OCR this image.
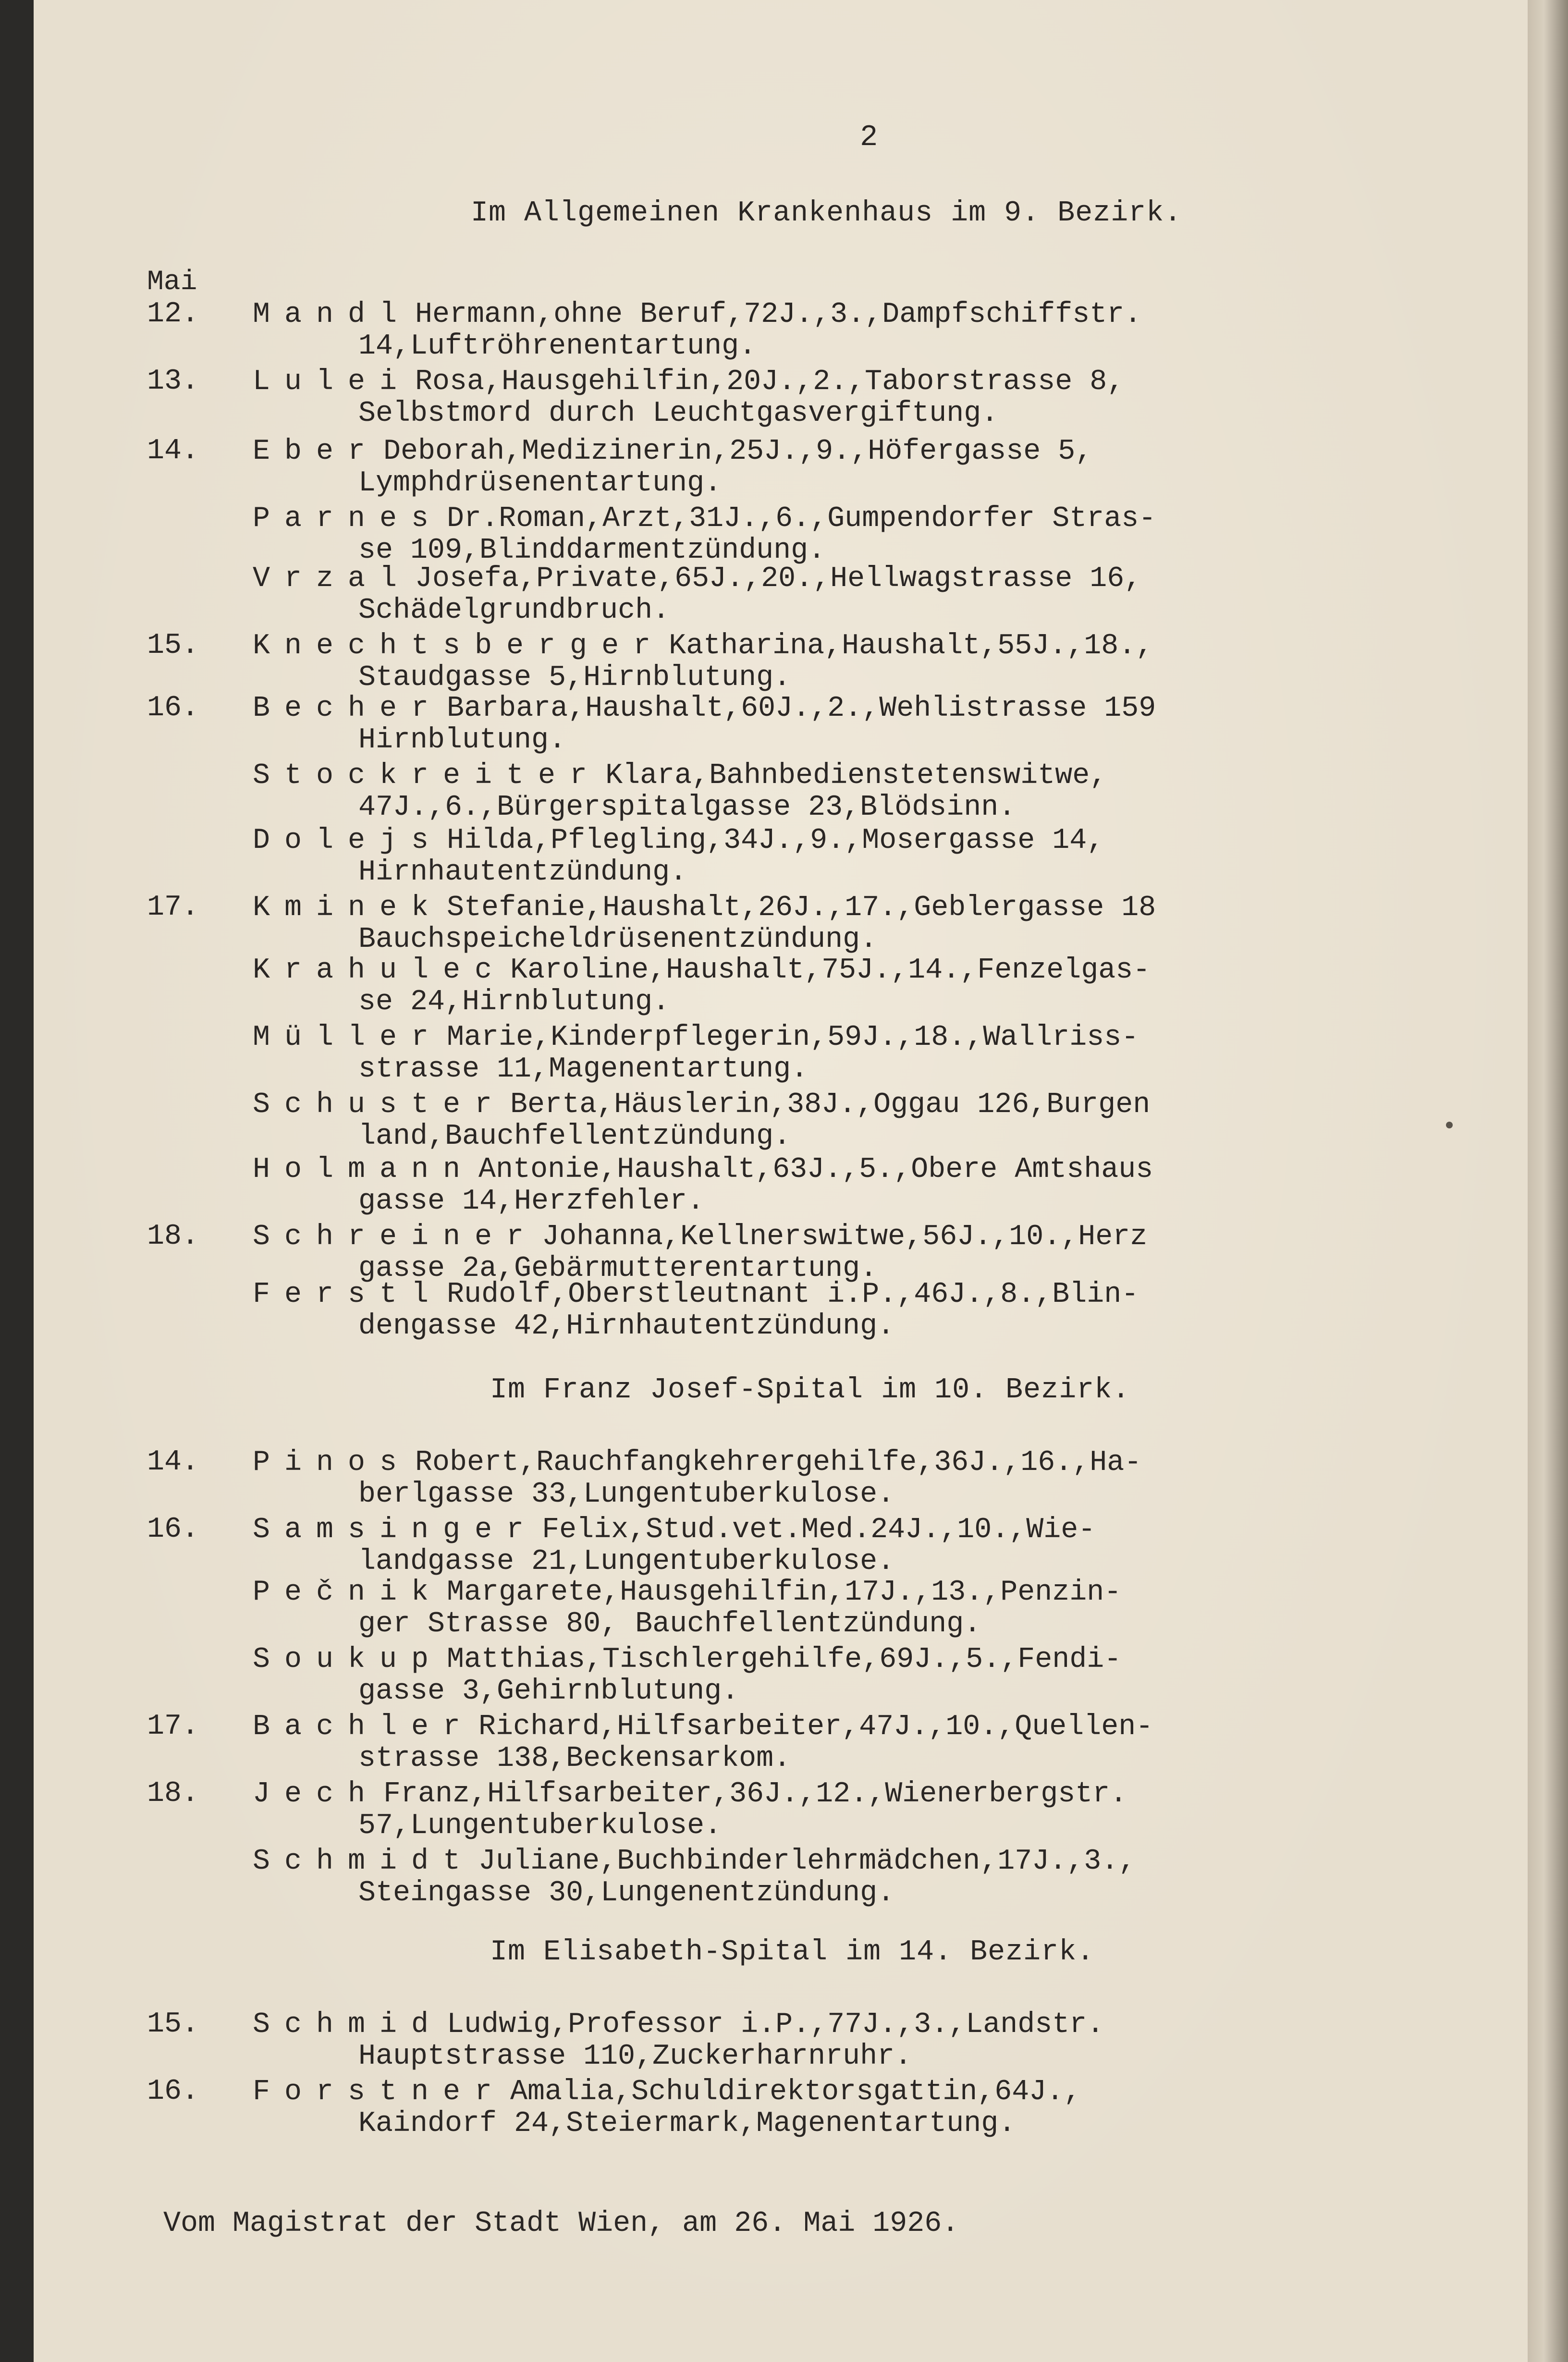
2
Mai
Im Allgemeinen Krankenhaus im 9. Bezirk.
12.	Mandl Hermann,ohne Beruf,72J.,3.,Dampfschiffstr.
14,Luftröhrenentartung.
13.	Lulei Rosa,Hausgehilfin,20J.,2.,Taborstrasse 8,
Selbstmord durch Leuchtgasvergiftung.
14.	Eber Deborah,Medizinerin,25J.,9.,Höfergasse 5,
Lymphdrüsenentartung.
Parnes Dr.Roman,Arzt,31J.,6.,Gumpendorfer Stras-
se 109,Blinddarmentzündung.
Vrzal Josefa,Private,65J.,20.,Hellwagstrasse 16,
Schädelgrundbruch.
15.	Knechtsberger Katharina,Haushalt,55J.,18.,
Staudgasse 5,Hirnblutung.
16.	Becher Barbara,Haushalt,60J.,2.,Wehlistrasse 159
Hirnblutung.
Stockreiter Klara,Bahnbedienstetenswitwe,
47J.,6.,Bürgerspitalgasse 23,Blödsinn.
Dolejs Hilda,Pflegling,34J.,9.,Mosergasse 14,
Hirnhautentzündung.
17.	Kminek Stefanie,Haushalt,26J.,17.,Geblergasse 18
Bauchspeicheldrüsenentzündung.
Krahulec Karoline,Haushalt,75J.,14.,Fenzelgas-
se 24,Hirnblutung.
Müller Marie,Kinderpflegerin,59J.,18.,Wallriss-
strasse 11,Magenentartung.
Schuster Berta,Häuslerin,38J.,Oggau 126,Burgen
land,Bauchfellentzündung.
Holmann Antonie,Haushalt,63J.,5.,Obere Amtshaus
gasse 14,Herzfehler.
18.	Schreiner Johanna,Kellnerswitwe,56J.,10.,Herz
gasse 2a,Gebärmutterentartung.
Ferstl Rudolf,Oberstleutnant i.P.,46J.,8.,Blin-
dengasse 42,Hirnhautentzündung.
Im Franz Josef-Spital im 10. Bezirk.
14.	Pinos Robert,Rauchfangkehrergehilfe,36J.,16.,Ha-
berlgasse 33,Lungentuberkulose.
16.	Samsinger Felix,Stud.vet.Med.24J.,10.,Wie-
landgasse 21,Lungentuberkulose.
Pečnik Margarete,Hausgehilfin,17J.,13.,Penzin-
ger Strasse 80, Bauchfellentzündung.
Soukup Matthias,Tischlergehilfe,69J.,5.,Fendi-
gasse 3,Gehirnblutung.
17.	Bachler Richard,Hilfsarbeiter,47J.,10.,Quellen-
strasse 138,Beckensarkom.
18.	Jech Franz,Hilfsarbeiter,36J.,12.,Wienerbergstr.
57,Lungentuberkulose.
Schmidt Juliane,Buchbinderlehrmädchen,17J.,3.,
Steingasse 30,Lungenentzündung.
Im Elisabeth-Spital im 14. Bezirk.
15.	Schmid Ludwig,Professor i.P.,77J.,3.,Landstr.
Hauptstrasse 110,Zuckerharnruhr.
16.	Forstner Amalia,Schuldirektorsgattin,64J.,
Kaindorf 24,Steiermark,Magenentartung.
Vom Magistrat der Stadt Wien, am 26. Mai 1926.
